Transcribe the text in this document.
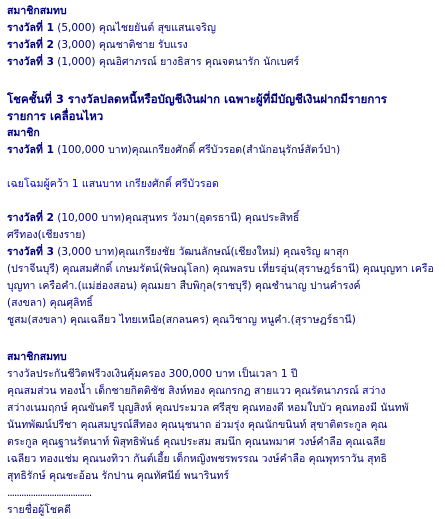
สมาชิกสมทบ
รางวัลที่ 1 (5,000) คุณไชยยันต์ สุขแสนเจริญ
รางวัลที่ 2 (3,000) คุณชาติชาย รับแรง
รางวัลที่ 3 (1,000) คุณอิศาภรณ์ ยางธิสาร คุณจตนารัก นักเบศร์
โชคชั้นที่ 3 รางวัลปลดหนี้หรือบัญชีเงินฝาก เฉพาะผู้ที่มีบัญชีเงินฝากมีรายการ
รายการ เคลื่อนไหว
สมาชิก
รางวัลที่ 1 (100,000 บาท)คุณเกรียงศักดิ์ ศรีบัวรอด(สำนักอนุรักษ์สัตว์ป่า)
เฉยโฉมผู้คว้า 1 แสนบาท เกรียงศักดิ์ ศรีบัวรอด
รางวัลที่ 2 (10,000 บาท)คุณสุนทร วังมา(อุดรธานี) คุณประสิทธิ์
ศรีทอง(เชียงราย)
รางวัลที่ 3 (3,000 บาท)คุณเกรียงชัย วัฒนลักษณ์(เชียงใหม่) คุณจริญ ผาสุก
(ปราจีนบุรี) คุณสมศักดิ์ เกษมรัตน์(พิษณุโลก) คุณพลรบ เที่ยรอุ่น(สุราษฎร์ธานี) คุณบุญทา เครือ
บุญทา เครือคำ.(แม่ฮ่องสอน) คุณมยา สืบพิกุล(ราชบุรี) คุณชำนาญ ปานคำรงค์
(สงขลา) คุณศุลิทธิ์
ชูสม(สงขลา) คุณเฉลียว ไทยเหนือ(สกลนคร) คุณวิชาญ หนูคำ.(สุราษฎร์ธานี)
สมาชิกสมทบ
รางวัลประกันชีวิตฟรีวงเงินคุ้มครอง 300,000 บาท เป็นเวลา 1 ปี
คุณสมส่วน ทองน้ำ เด็กชายกิตติชัช สิงห์ทอง คุณกรกฎ สายแวว คุณรัตนาภรณ์ สว่าง
สว่างเนมฤกษ์ คุณขันตรี บุญสิงห์ คุณประมวล ศรีสุข คุณทองดี หอมใบบัว คุณทองมี นันทพั
นันทพัฒน์ปรีชา คุณสมบูรณ์สีทอง คุณนุชนาถ อ่วมรุ่ง คุณนักขนินท์ สุขาติตระกูล คุณ
ตระกูล คุณฐานรัตนาท์ พิสุทธิพันธ์ คุณประสม สมนึก คุณนพมาศ วงษ์คำลือ คุณเฉลีย
เฉลียว ทองแช่ม คุณนงทิวา กันต์เอี้ย เด็กหญิงพชรพรรณ วงษ์คำลือ คุณพุทราวัน สุทธิ
สุทธิรักษ์ คุณชะอ้อน รักปาน คุณทัศนีย์ พนารินทร์
....................................
รายชื่อผู้โชคดี
